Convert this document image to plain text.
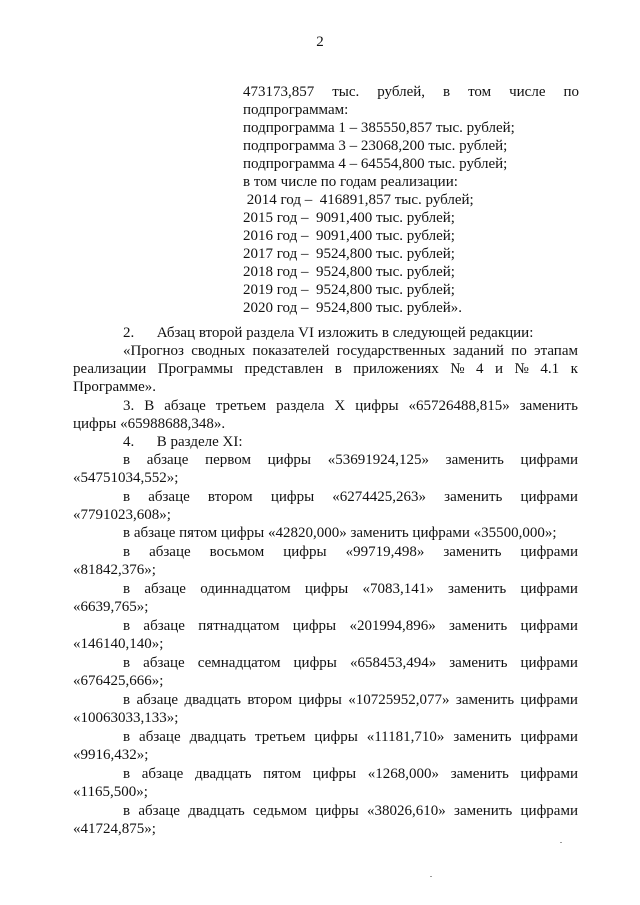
2
473173,857 тыс. рублей, в том числе по
подпрограммам:
подпрограмма 1 – 385550,857 тыс. рублей;
подпрограмма 3 – 23068,200 тыс. рублей;
подпрограмма 4 – 64554,800 тыс. рублей;
в том числе по годам реализации:
2014 год –  416891,857 тыс. рублей;
2015 год –  9091,400 тыс. рублей;
2016 год –  9091,400 тыс. рублей;
2017 год –  9524,800 тыс. рублей;
2018 год –  9524,800 тыс. рублей;
2019 год –  9524,800 тыс. рублей;
2020 год –  9524,800 тыс. рублей».
2.      Абзац второй раздела VI изложить в следующей редакции:
«Прогноз сводных показателей государственных заданий по этапам
реализации Программы представлен в приложениях № 4 и № 4.1 к
Программе».
3. В абзаце третьем раздела X цифры «65726488,815» заменить
цифры «65988688,348».
4.      В разделе XI:
в абзаце первом цифры «53691924,125» заменить цифрами
«54751034,552»;
в абзаце втором цифры «6274425,263» заменить цифрами
«7791023,608»;
в абзаце пятом цифры «42820,000» заменить цифрами «35500,000»;
в абзаце восьмом цифры «99719,498» заменить цифрами
«81842,376»;
в абзаце одиннадцатом цифры «7083,141» заменить цифрами
«6639,765»;
в абзаце пятнадцатом цифры «201994,896» заменить цифрами
«146140,140»;
в абзаце семнадцатом цифры «658453,494» заменить цифрами
«676425,666»;
в абзаце двадцать втором цифры «10725952,077» заменить цифрами
«10063033,133»;
в абзаце двадцать третьем цифры «11181,710» заменить цифрами
«9916,432»;
в абзаце двадцать пятом цифры «1268,000» заменить цифрами
«1165,500»;
в абзаце двадцать седьмом цифры «38026,610» заменить цифрами
«41724,875»;
